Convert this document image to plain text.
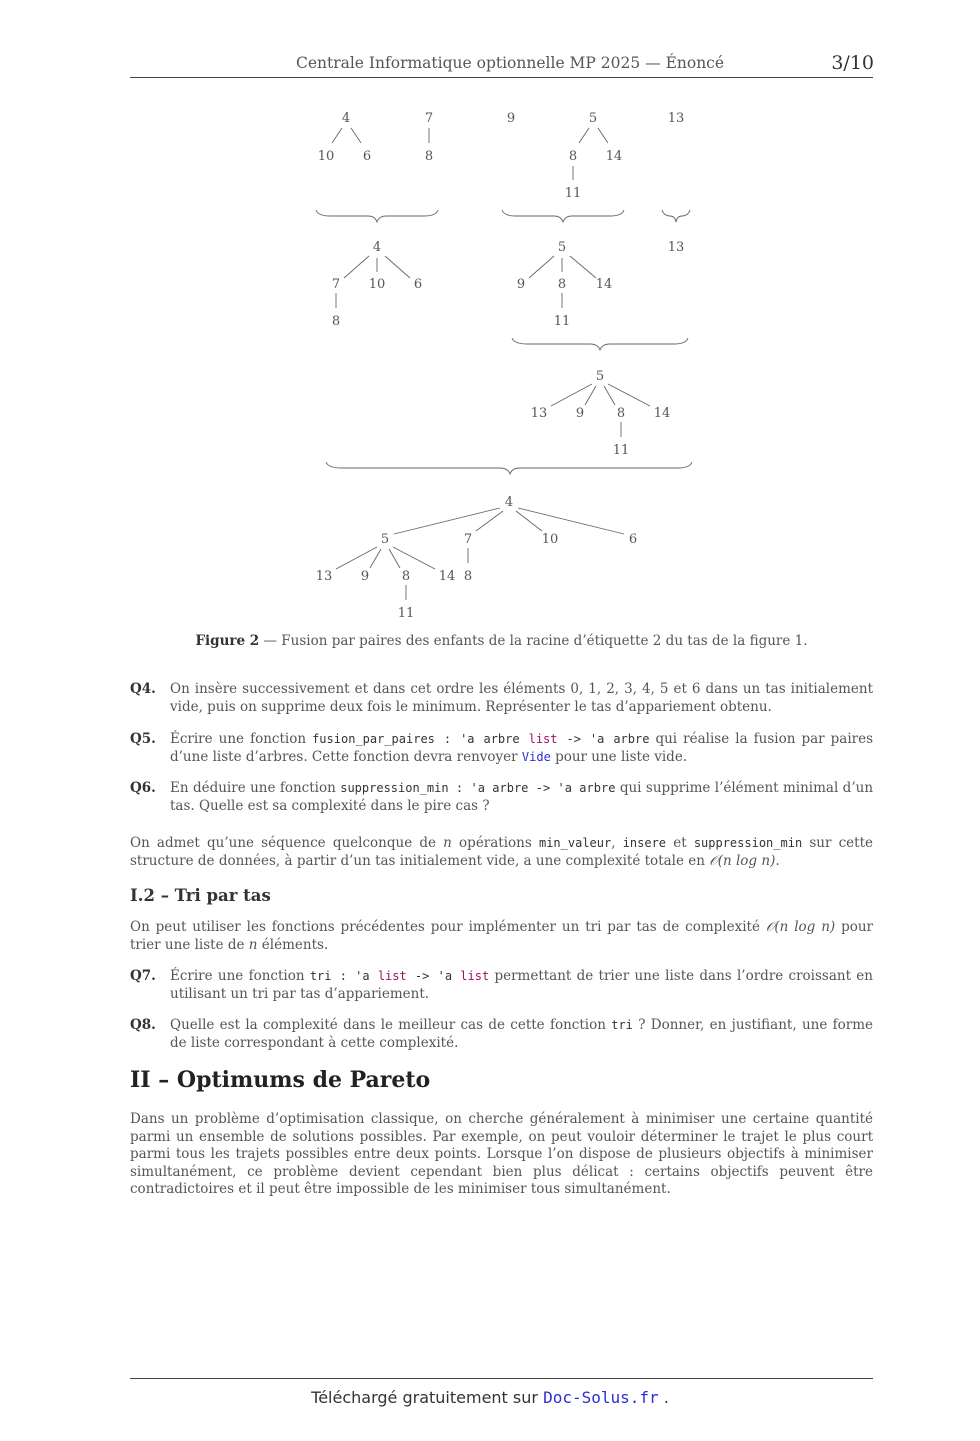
Centrale Informatique optionnelle MP 2025 — Énoncé	3/10
4
10 6
7
8
9	5
8 14
11
13
4
7 10 6
8
5
9	8 14
11
13
5
13 9	8 14
11
4
5	7	10	6
13 9	8 14
11
8
Figure 2 — Fusion par paires des enfants de la racine d’étiquette 2 du tas de la figure 1.
Q4. On insère successivement et dans cet ordre les éléments 0, 1, 2, 3, 4, 5 et 6 dans un tas initialement vide, puis on supprime deux fois le minimum. Représenter le tas d’appariement obtenu.
Q5. Écrire une fonction fusion_par_paires : 'a arbre list -> 'a arbre qui réalise la fusion par paires d’une liste d’arbres. Cette fonction devra renvoyer Vide pour une liste vide.
Q6. En déduire une fonction suppression_min : 'a arbre -> 'a arbre qui supprime l’élément minimal d’un tas. Quelle est sa complexité dans le pire cas ?
On admet qu’une séquence quelconque de n opérations min_valeur, insere et suppression_min sur cette structure de données, à partir d’un tas initialement vide, a une complexité totale en 𝒪(n log n).
I.2 – Tri par tas
On peut utiliser les fonctions précédentes pour implémenter un tri par tas de complexité 𝒪(n log n) pour trier une liste de n éléments.
Q7. Écrire une fonction tri : 'a list -> 'a list permettant de trier une liste dans l’ordre croissant en utilisant un tri par tas d’appariement.
Q8. Quelle est la complexité dans le meilleur cas de cette fonction tri ? Donner, en justifiant, une forme de liste correspondant à cette complexité.
II – Optimums de Pareto
Dans un problème d’optimisation classique, on cherche généralement à minimiser une certaine quantité parmi un ensemble de solutions possibles. Par exemple, on peut vouloir déterminer le trajet le plus court parmi tous les trajets possibles entre deux points. Lorsque l’on dispose de plusieurs objectifs à minimiser simultanément, ce problème devient cependant bien plus délicat : certains objectifs peuvent être contradictoires et il peut être impossible de les minimiser tous simultanément.
Téléchargé gratuitement sur Doc-Solus.fr .
